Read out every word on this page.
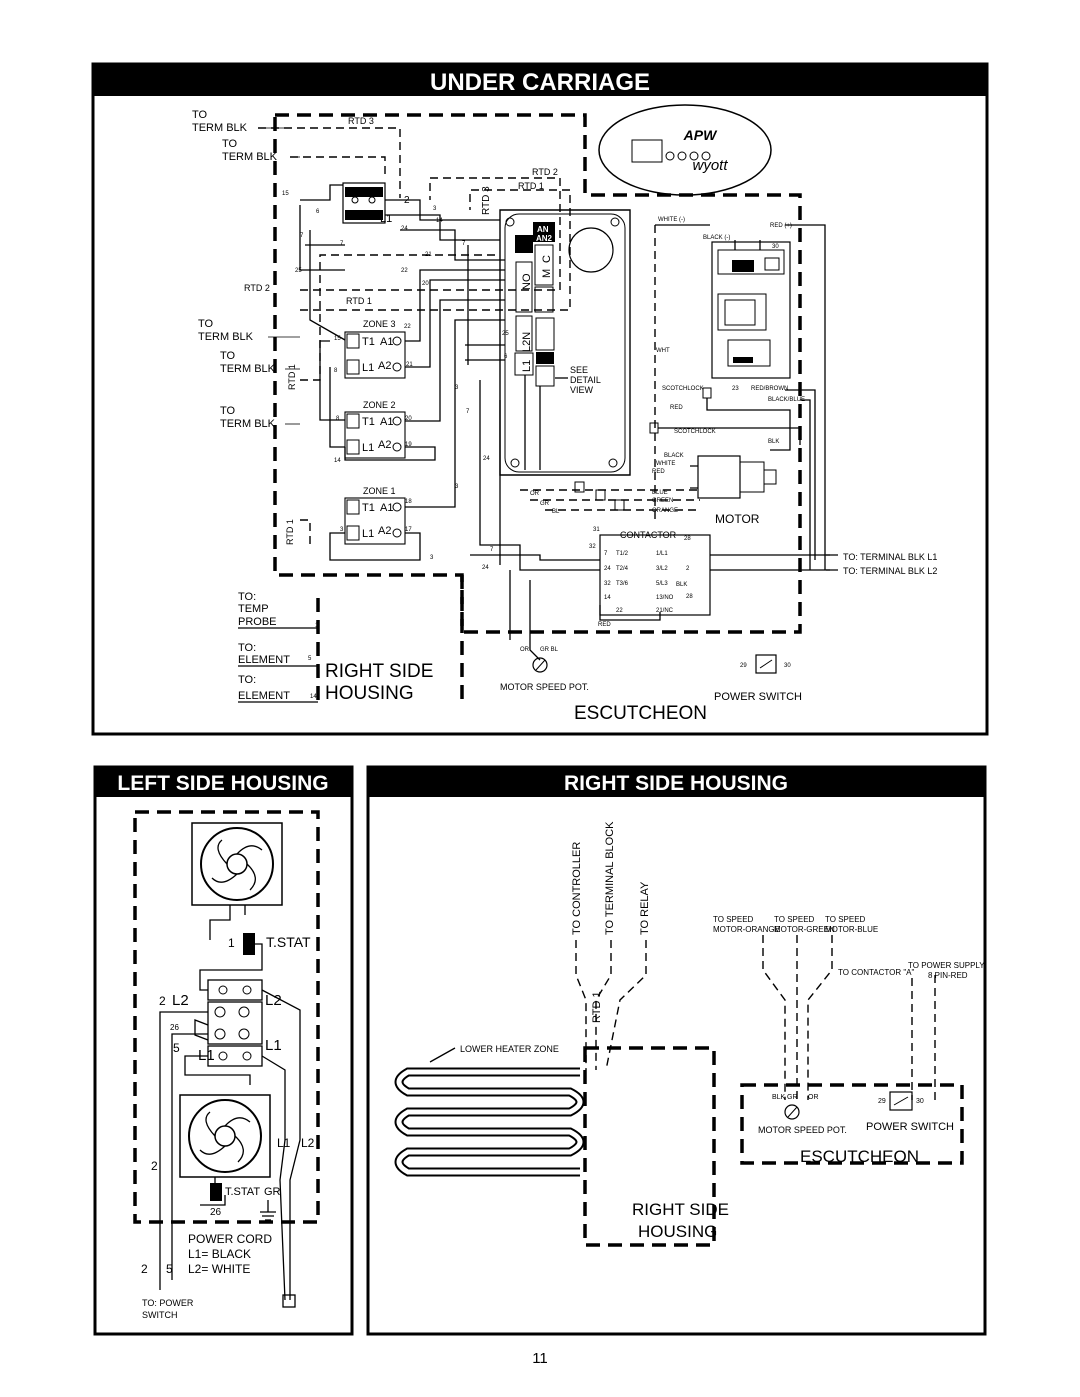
UNDER CARRIAGE
APW
wyott
TO
TERM BLK
TO
TERM BLK
TO
TERM BLK
TO
TERM BLK
TO
TERM BLK
RTD 3
RTD 2
RTD 1
RTD 3
RTD 2
RTD 1
RTD 1
RTD 1
L1
2
ZONE 3
T1 A1
L1 A2
ZONE 2
T1 A1
L1 A2
ZONE 1
T1 A1
L1 A2
15
6
7
7
25	22
20
21
3
14
24
7
3
7
24
3
7
24
3
18
17
20
19
14
8
21
22
15
8
3
1
5
14
6
25
AN
AN2
L2N
L1
NO
C
M
SEE
DETAIL
VIEW
WHITE (-)
RED (+)
BLACK (-)
30
WHT
SCOTCHLOCK	23 RED/BROWN
BLACK/BLUE
RED
SCOTCHLOCK
BLK
BLACK
WHITE
RED
MOTOR
BLUE
GREEN
ORANGE
OR
GR
BL
CONTACTOR
BLK
RED
31
32
7 T1/2
24 T2/4
32 T3/6
14
22
1/L1
3/L2
5/L3
13/NO
21/NC
28
2
28
TO: TERMINAL BLK L1
TO: TERMINAL BLK L2
TO:
TEMP
PROBE
TO:
ELEMENT
TO:
ELEMENT
RIGHT SIDE
HOUSING
OR GR BL
MOTOR SPEED POT.
29	30
POWER SWITCH
ESCUTCHEON
LEFT SIDE HOUSING
T.STAT
1
L2	L2
L1
L1
2
26
5
T.STAT GR
26
L1 L2
2
POWER CORD
L1= BLACK
L2= WHITE
2 5
TO: POWER
SWITCH
RIGHT SIDE HOUSING
TO CONTROLLER TO TERMINAL BLOCK TO RELAY
RTD 1
TO SPEED	TO SPEED TO SPEED
MOTOR-ORANGE
MOTOR-GREEN
MOTOR-BLUE
TO POWER SUPPLY
TO CONTACTOR "A" 8 PIN-RED
LOWER HEATER ZONE
RIGHT SIDE
HOUSING
BLK GR OR
29	30
MOTOR SPEED POT. POWER SWITCH
ESCUTCHEON
11
